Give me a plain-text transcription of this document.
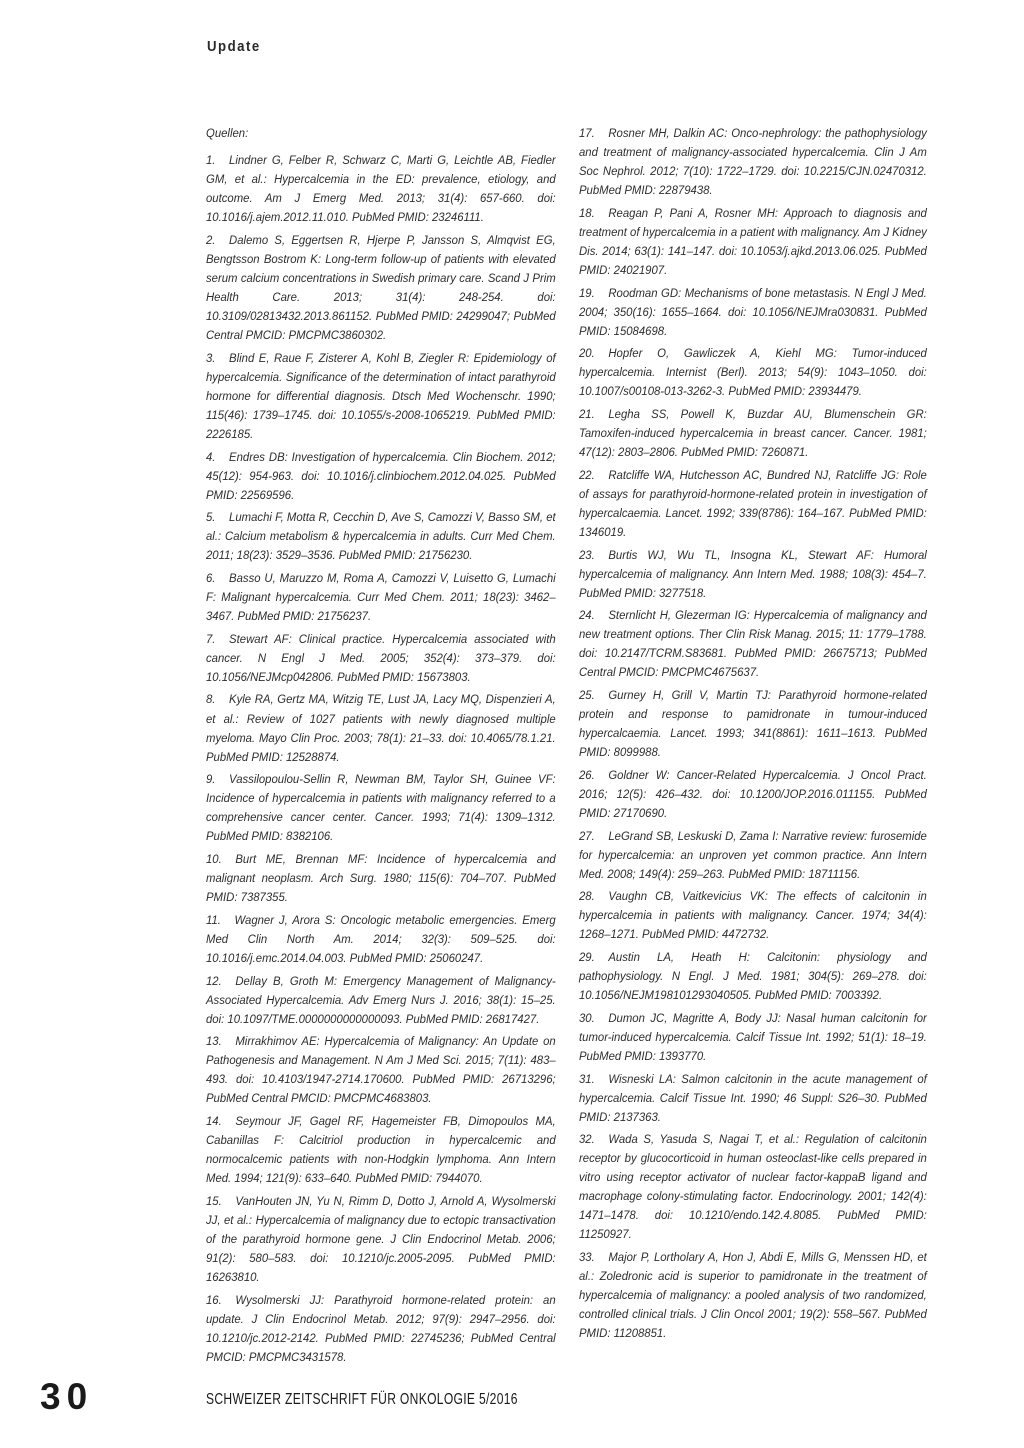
Update

Quellen:

1. Lindner G, Felber R, Schwarz C, Marti G, Leichtle AB, Fiedler GM, et al.: Hypercalcemia in the ED: prevalence, etiology, and outcome. Am J Emerg Med. 2013; 31(4): 657-660. doi: 10.1016/j.ajem.2012.11.010. PubMed PMID: 23246111.

2. Dalemo S, Eggertsen R, Hjerpe P, Jansson S, Almqvist EG, Bengtsson Bostrom K: Long-term follow-up of patients with elevated serum calcium concentrations in Swedish primary care. Scand J Prim Health Care. 2013; 31(4): 248-254. doi: 10.3109/02813432.2013.861152. PubMed PMID: 24299047; PubMed Central PMCID: PMCPMC3860302.

3. Blind E, Raue F, Zisterer A, Kohl B, Ziegler R: Epidemiology of hypercalcemia. Significance of the determination of intact parathyroid hormone for differential diagnosis. Dtsch Med Wochenschr. 1990; 115(46): 1739–1745. doi: 10.1055/s-2008-1065219. PubMed PMID: 2226185.

4. Endres DB: Investigation of hypercalcemia. Clin Biochem. 2012; 45(12): 954-963. doi: 10.1016/j.clinbiochem.2012.04.025. PubMed PMID: 22569596.

5. Lumachi F, Motta R, Cecchin D, Ave S, Camozzi V, Basso SM, et al.: Calcium metabolism & hypercalcemia in adults. Curr Med Chem. 2011; 18(23): 3529–3536. PubMed PMID: 21756230.

6. Basso U, Maruzzo M, Roma A, Camozzi V, Luisetto G, Lumachi F: Malignant hypercalcemia. Curr Med Chem. 2011; 18(23): 3462–3467. PubMed PMID: 21756237.

7. Stewart AF: Clinical practice. Hypercalcemia associated with cancer. N Engl J Med. 2005; 352(4): 373–379. doi: 10.1056/NEJMcp042806. PubMed PMID: 15673803.

8. Kyle RA, Gertz MA, Witzig TE, Lust JA, Lacy MQ, Dispenzieri A, et al.: Review of 1027 patients with newly diagnosed multiple myeloma. Mayo Clin Proc. 2003; 78(1): 21–33. doi: 10.4065/78.1.21. PubMed PMID: 12528874.

9. Vassilopoulou-Sellin R, Newman BM, Taylor SH, Guinee VF: Incidence of hypercalcemia in patients with malignancy referred to a comprehensive cancer center. Cancer. 1993; 71(4): 1309–1312. PubMed PMID: 8382106.

10. Burt ME, Brennan MF: Incidence of hypercalcemia and malignant neoplasm. Arch Surg. 1980; 115(6): 704–707. PubMed PMID: 7387355.

11. Wagner J, Arora S: Oncologic metabolic emergencies. Emerg Med Clin North Am. 2014; 32(3): 509–525. doi: 10.1016/j.emc.2014.04.003. PubMed PMID: 25060247.

12. Dellay B, Groth M: Emergency Management of Malignancy-Associated Hypercalcemia. Adv Emerg Nurs J. 2016; 38(1): 15–25. doi: 10.1097/TME.0000000000000093. PubMed PMID: 26817427.

13. Mirrakhimov AE: Hypercalcemia of Malignancy: An Update on Pathogenesis and Management. N Am J Med Sci. 2015; 7(11): 483–493. doi: 10.4103/1947-2714.170600. PubMed PMID: 26713296; PubMed Central PMCID: PMCPMC4683803.

14. Seymour JF, Gagel RF, Hagemeister FB, Dimopoulos MA, Cabanillas F: Calcitriol production in hypercalcemic and normocalcemic patients with non-Hodgkin lymphoma. Ann Intern Med. 1994; 121(9): 633–640. PubMed PMID: 7944070.

15. VanHouten JN, Yu N, Rimm D, Dotto J, Arnold A, Wysolmerski JJ, et al.: Hypercalcemia of malignancy due to ectopic transactivation of the parathyroid hormone gene. J Clin Endocrinol Metab. 2006; 91(2): 580–583. doi: 10.1210/jc.2005-2095. PubMed PMID: 16263810.

16. Wysolmerski JJ: Parathyroid hormone-related protein: an update. J Clin Endocrinol Metab. 2012; 97(9): 2947–2956. doi: 10.1210/jc.2012-2142. PubMed PMID: 22745236; PubMed Central PMCID: PMCPMC3431578.

17. Rosner MH, Dalkin AC: Onco-nephrology: the pathophysiology and treatment of malignancy-associated hypercalcemia. Clin J Am Soc Nephrol. 2012; 7(10): 1722–1729. doi: 10.2215/CJN.02470312. PubMed PMID: 22879438.

18. Reagan P, Pani A, Rosner MH: Approach to diagnosis and treatment of hypercalcemia in a patient with malignancy. Am J Kidney Dis. 2014; 63(1): 141–147. doi: 10.1053/j.ajkd.2013.06.025. PubMed PMID: 24021907.

19. Roodman GD: Mechanisms of bone metastasis. N Engl J Med. 2004; 350(16): 1655–1664. doi: 10.1056/NEJMra030831. PubMed PMID: 15084698.

20. Hopfer O, Gawliczek A, Kiehl MG: Tumor-induced hypercalcemia. Internist (Berl). 2013; 54(9): 1043–1050. doi: 10.1007/s00108-013-3262-3. PubMed PMID: 23934479.

21. Legha SS, Powell K, Buzdar AU, Blumenschein GR: Tamoxifen-induced hypercalcemia in breast cancer. Cancer. 1981; 47(12): 2803–2806. PubMed PMID: 7260871.

22. Ratcliffe WA, Hutchesson AC, Bundred NJ, Ratcliffe JG: Role of assays for parathyroid-hormone-related protein in investigation of hypercalcaemia. Lancet. 1992; 339(8786): 164–167. PubMed PMID: 1346019.

23. Burtis WJ, Wu TL, Insogna KL, Stewart AF: Humoral hypercalcemia of malignancy. Ann Intern Med. 1988; 108(3): 454–7. PubMed PMID: 3277518.

24. Sternlicht H, Glezerman IG: Hypercalcemia of malignancy and new treatment options. Ther Clin Risk Manag. 2015; 11: 1779–1788. doi: 10.2147/TCRM.S83681. PubMed PMID: 26675713; PubMed Central PMCID: PMCPMC4675637.

25. Gurney H, Grill V, Martin TJ: Parathyroid hormone-related protein and response to pamidronate in tumour-induced hypercalcaemia. Lancet. 1993; 341(8861): 1611–1613. PubMed PMID: 8099988.

26. Goldner W: Cancer-Related Hypercalcemia. J Oncol Pract. 2016; 12(5): 426–432. doi: 10.1200/JOP.2016.011155. PubMed PMID: 27170690.

27. LeGrand SB, Leskuski D, Zama I: Narrative review: furosemide for hypercalcemia: an unproven yet common practice. Ann Intern Med. 2008; 149(4): 259–263. PubMed PMID: 18711156.

28. Vaughn CB, Vaitkevicius VK: The effects of calcitonin in hypercalcemia in patients with malignancy. Cancer. 1974; 34(4): 1268–1271. PubMed PMID: 4472732.

29. Austin LA, Heath H: Calcitonin: physiology and pathophysiology. N Engl. J Med. 1981; 304(5): 269–278. doi: 10.1056/NEJM198101293040505. PubMed PMID: 7003392.

30. Dumon JC, Magritte A, Body JJ: Nasal human calcitonin for tumor-induced hypercalcemia. Calcif Tissue Int. 1992; 51(1): 18–19. PubMed PMID: 1393770.

31. Wisneski LA: Salmon calcitonin in the acute management of hypercalcemia. Calcif Tissue Int. 1990; 46 Suppl: S26–30. PubMed PMID: 2137363.

32. Wada S, Yasuda S, Nagai T, et al.: Regulation of calcitonin receptor by glucocorticoid in human osteoclast-like cells prepared in vitro using receptor activator of nuclear factor-kappaB ligand and macrophage colony-stimulating factor. Endocrinology. 2001; 142(4): 1471–1478. doi: 10.1210/endo.142.4.8085. PubMed PMID: 11250927.

33. Major P, Lortholary A, Hon J, Abdi E, Mills G, Menssen HD, et al.: Zoledronic acid is superior to pamidronate in the treatment of hypercalcemia of malignancy: a pooled analysis of two randomized, controlled clinical trials. J Clin Oncol 2001; 19(2): 558–567. PubMed PMID: 11208851.

30	SCHWEIZER ZEITSCHRIFT FÜR ONKOLOGIE 5/2016
